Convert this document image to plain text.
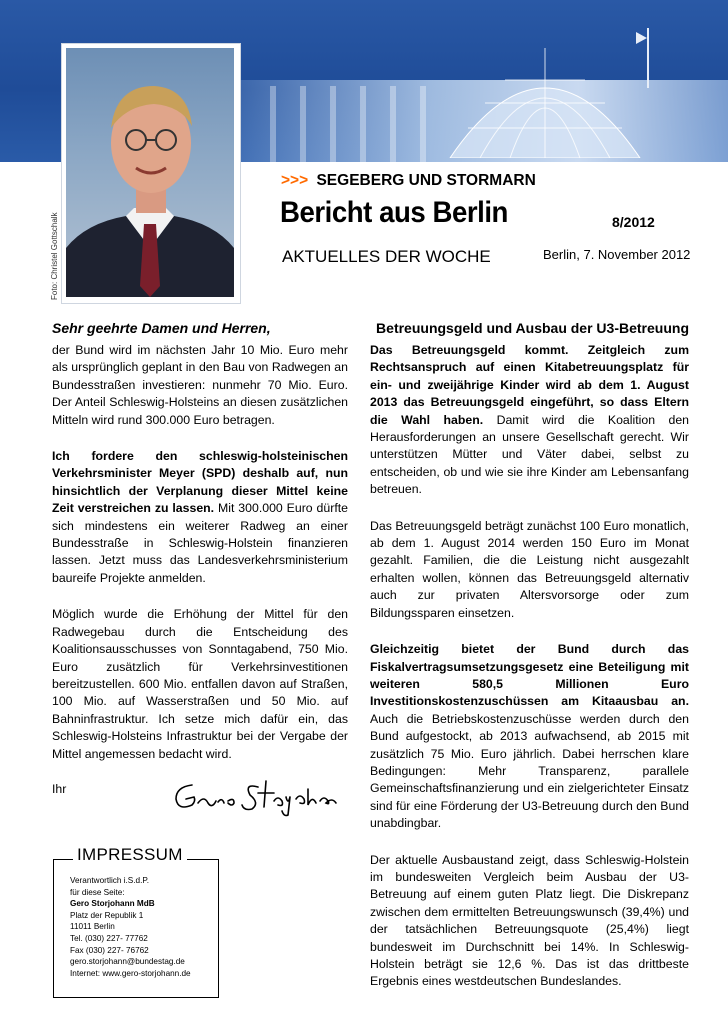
Foto: Christel Gottschalk
>>> SEGEBERG UND STORMARN
Bericht aus Berlin	8/2012
AKTUELLES DER WOCHE	Berlin, 7. November 2012

Sehr geehrte Damen und Herren,

der Bund wird im nächsten Jahr 10 Mio. Euro mehr als ursprünglich geplant in den Bau von Radwegen an Bundesstraßen investieren: nunmehr 70 Mio. Euro. Der Anteil Schleswig-Holsteins an diesen zusätzlichen Mitteln wird rund 300.000 Euro betragen.

Ich fordere den schleswig-holsteinischen Verkehrsminister Meyer (SPD) deshalb auf, nun hinsichtlich der Verplanung dieser Mittel keine Zeit verstreichen zu lassen. Mit 300.000 Euro dürfte sich mindestens ein weiterer Radweg an einer Bundesstraße in Schleswig-Holstein finanzieren lassen. Jetzt muss das Landesverkehrsministerium baureife Projekte anmelden.

Möglich wurde die Erhöhung der Mittel für den Radwegebau durch die Entscheidung des Koalitionsausschusses von Sonntagabend, 750 Mio. Euro zusätzlich für Verkehrsinvestitionen bereitzustellen. 600 Mio. entfallen davon auf Straßen, 100 Mio. auf Wasserstraßen und 50 Mio. auf Bahninfrastruktur. Ich setze mich dafür ein, das Schleswig-Holsteins Infrastruktur bei der Vergabe der Mittel angemessen bedacht wird.

Ihr

Betreuungsgeld und Ausbau der U3-Betreuung

Das Betreuungsgeld kommt. Zeitgleich zum Rechtsanspruch auf einen Kitabetreuungsplatz für ein- und zweijährige Kinder wird ab dem 1. August 2013 das Betreuungsgeld eingeführt, so dass Eltern die Wahl haben. Damit wird die Koalition den Herausforderungen an unsere Gesellschaft gerecht. Wir unterstützen Mütter und Väter dabei, selbst zu entscheiden, ob und wie sie ihre Kinder am Lebensanfang betreuen.

Das Betreuungsgeld beträgt zunächst 100 Euro monatlich, ab dem 1. August 2014 werden 150 Euro im Monat gezahlt. Familien, die die Leistung nicht ausgezahlt erhalten wollen, können das Betreuungsgeld alternativ auch zur privaten Altersvorsorge oder zum Bildungssparen einsetzen.

Gleichzeitig bietet der Bund durch das Fiskalvertragsumsetzungsgesetz eine Beteiligung mit weiteren 580,5 Millionen Euro Investitionskostenzuschüssen am Kitaausbau an. Auch die Betriebskostenzuschüsse werden durch den Bund aufgestockt, ab 2013 aufwachsend, ab 2015 mit zusätzlich 75 Mio. Euro jährlich. Dabei herrschen klare Bedingungen: Mehr Transparenz, parallele Gemeinschaftsfinanzierung und ein zielgerichteter Einsatz sind für eine Förderung der U3-Betreuung durch den Bund unabdingbar.

Der aktuelle Ausbaustand zeigt, dass Schleswig-Holstein im bundesweiten Vergleich beim Ausbau der U3-Betreuung auf einem guten Platz liegt. Die Diskrepanz zwischen dem ermittelten Betreuungswunsch (39,4%) und der tatsächlichen Betreuungsquote (25,4%) liegt bundesweit im Durchschnitt bei 14%. In Schleswig-Holstein beträgt sie 12,6 %. Das ist das drittbeste Ergebnis eines westdeutschen Bundeslandes.

IMPRESSUM
Verantwortlich i.S.d.P.
für diese Seite:
Gero Storjohann MdB
Platz der Republik 1
11011 Berlin
Tel. (030) 227- 77762
Fax (030) 227- 76762
gero.storjohann@bundestag.de
Internet: www.gero-storjohann.de
